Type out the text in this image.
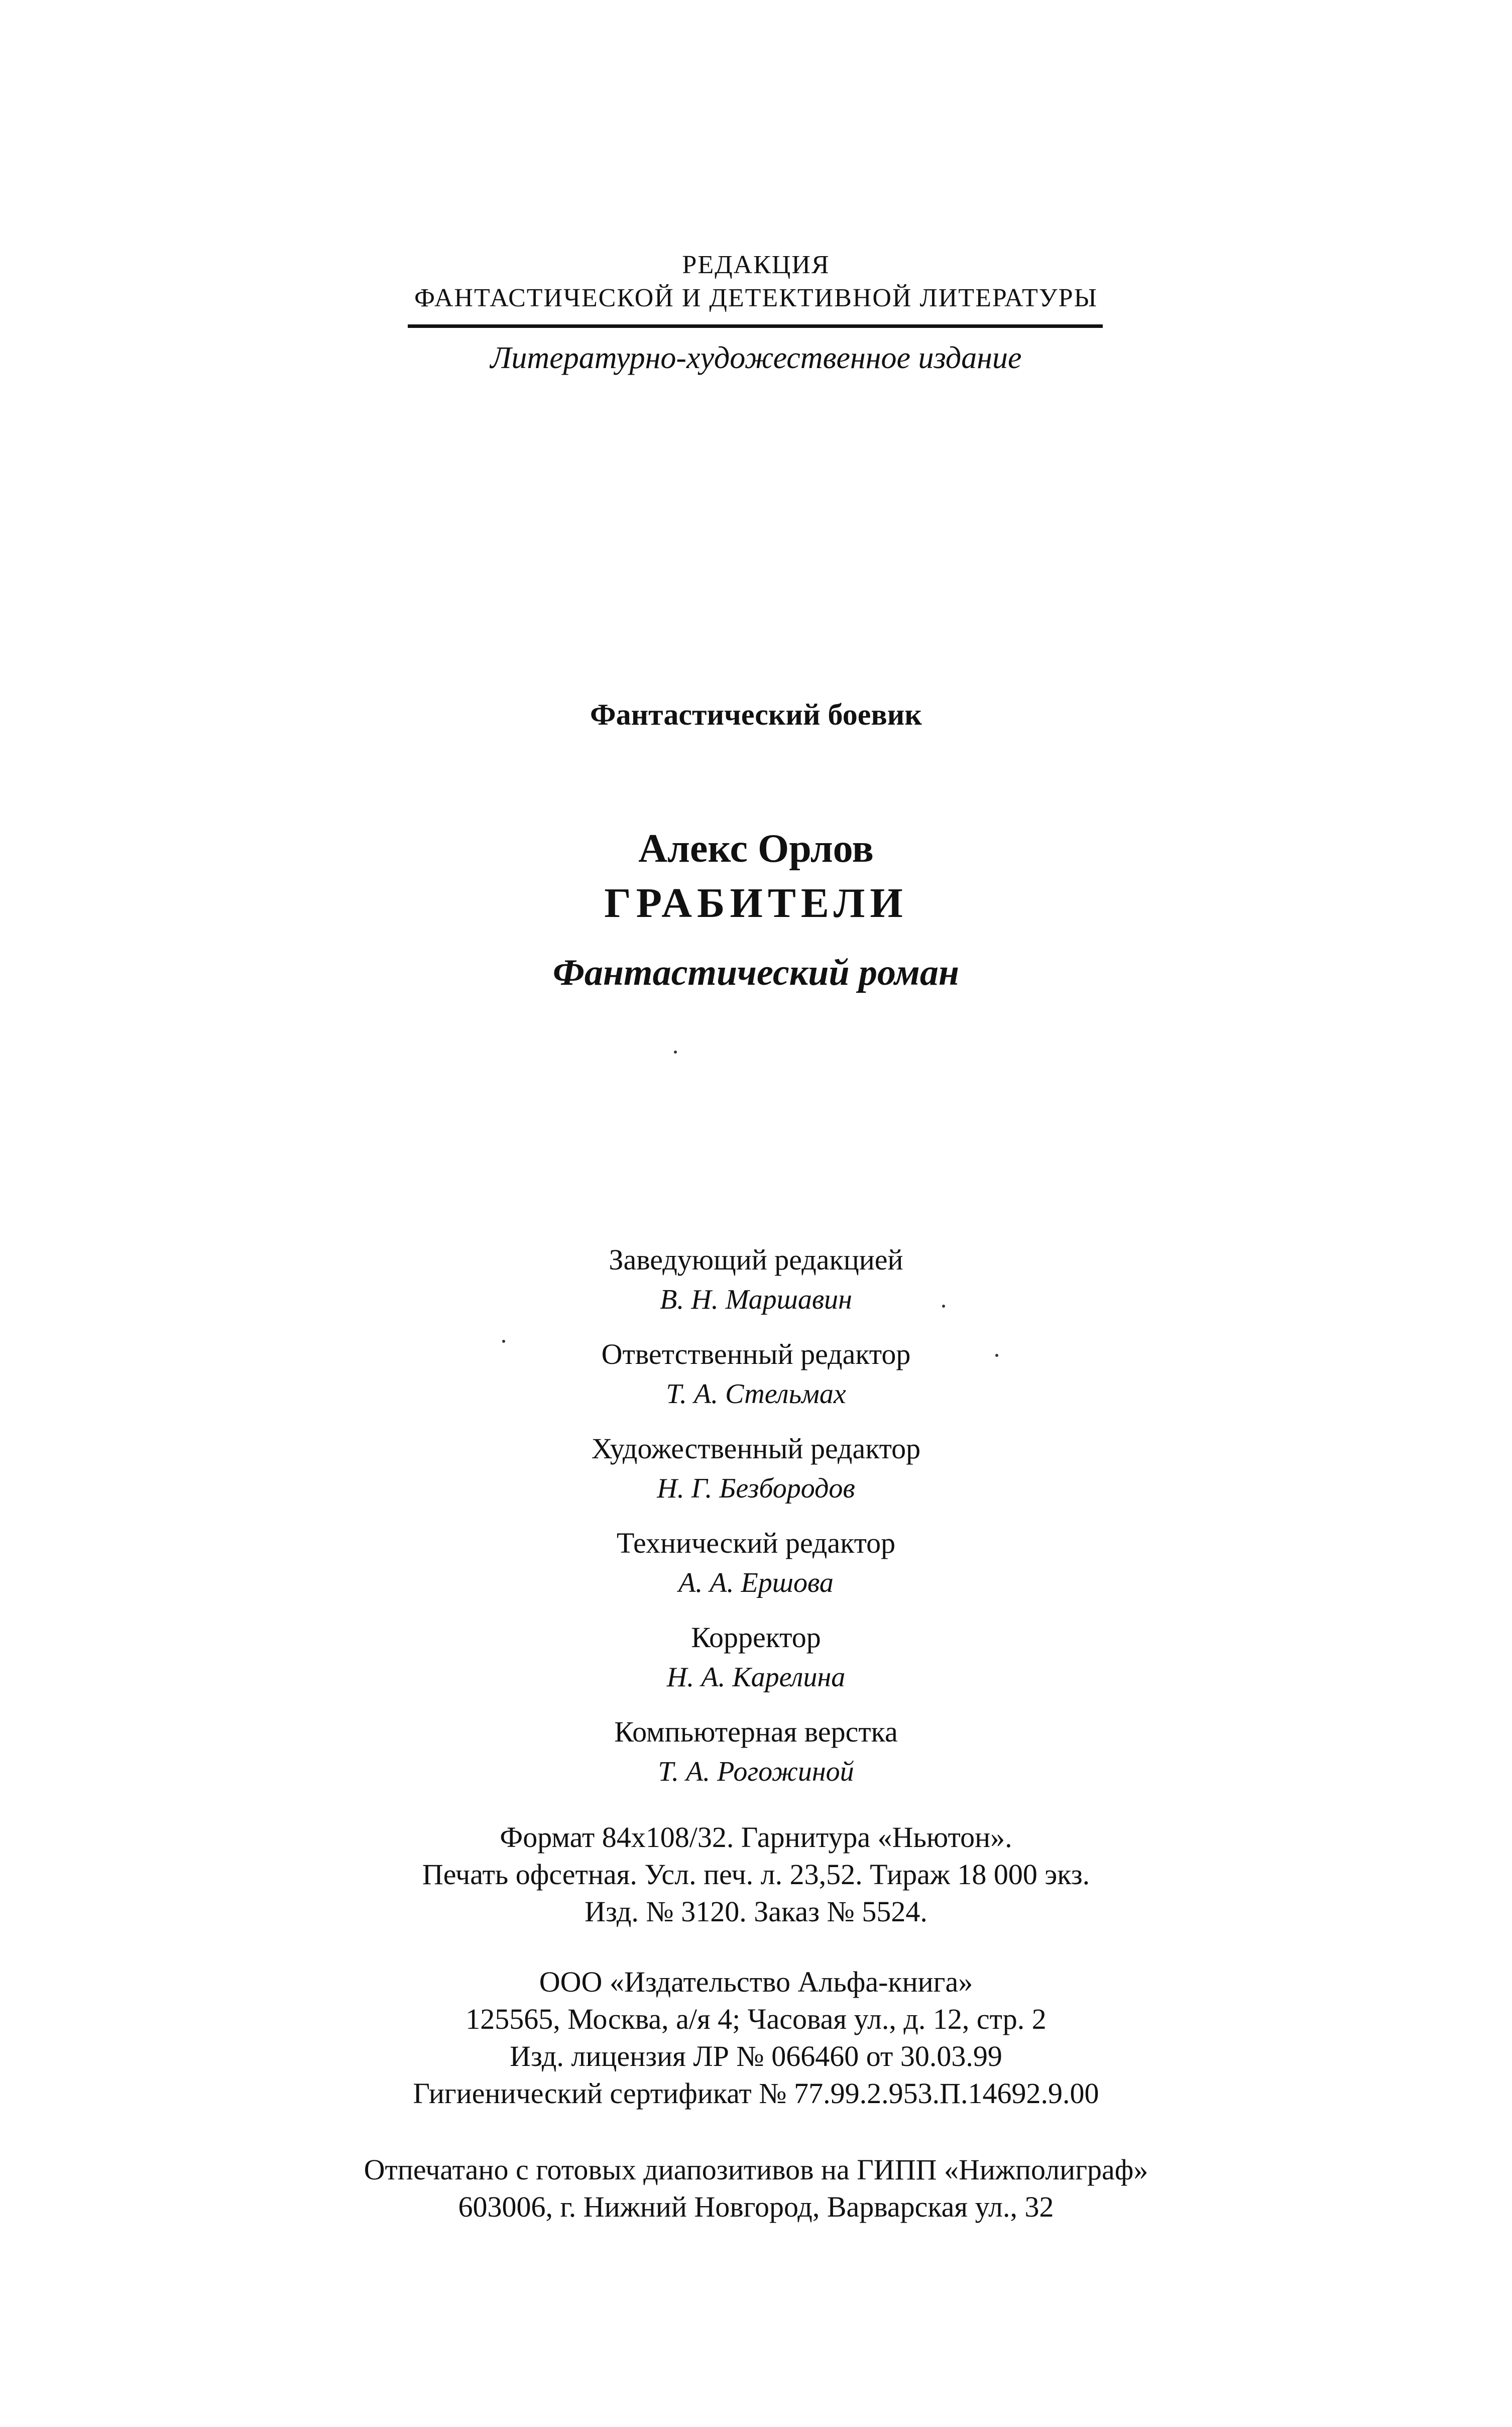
РЕДАКЦИЯ

ФАНТАСТИЧЕСКОЙ И ДЕТЕКТИВНОЙ ЛИТЕРАТУРЫ

Литературно-художественное издание

Фантастический боевик

Алекс Орлов

ГРАБИТЕЛИ

Фантастический роман

Заведующий редакцией

В. Н. Маршавин

Ответственный редактор

Т. А. Стельмах

Художественный редактор

Н. Г. Безбородов

Технический редактор

А. А. Ершова

Корректор

Н. А. Карелина

Компьютерная верстка

Т. А. Рогожиной

Формат 84x108/32. Гарнитура «Ньютон».

Печать офсетная. Усл. печ. л. 23,52. Тираж 18 000 экз.

Изд. № 3120. Заказ № 5524.

ООО «Издательство Альфа-книга»

125565, Москва, а/я 4; Часовая ул., д. 12, стр. 2

Изд. лицензия ЛР № 066460 от 30.03.99

Гигиенический сертификат № 77.99.2.953.П.14692.9.00

Отпечатано с готовых диапозитивов на ГИПП «Нижполиграф»

603006, г. Нижний Новгород, Варварская ул., 32
